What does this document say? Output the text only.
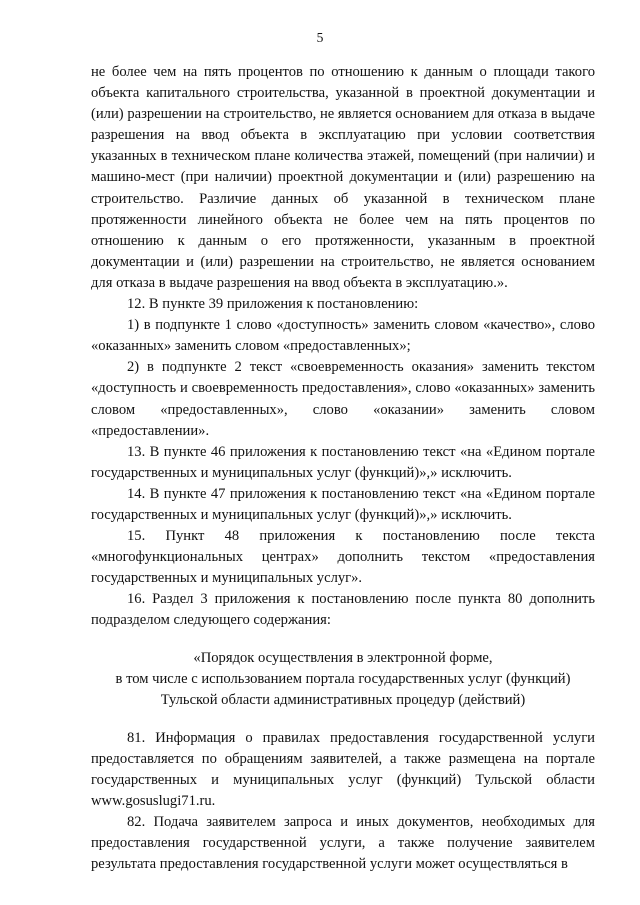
5

не более чем на пять процентов по отношению к данным о площади такого объекта капитального строительства, указанной в проектной документации и (или) разрешении на строительство, не является основанием для отказа в выдаче разрешения на ввод объекта в эксплуатацию при условии соответствия указанных в техническом плане количества этажей, помещений (при наличии) и машино-мест (при наличии) проектной документации и (или) разрешению на строительство. Различие данных об указанной в техническом плане протяженности линейного объекта не более чем на пять процентов по отношению к данным о его протяженности, указанным в проектной документации и (или) разрешении на строительство, не является основанием для отказа в выдаче разрешения на ввод объекта в эксплуатацию.».

12. В пункте 39 приложения к постановлению:

1) в подпункте 1 слово «доступность» заменить словом «качество», слово «оказанных» заменить словом «предоставленных»;

2) в подпункте 2 текст «своевременность оказания» заменить текстом «доступность и своевременность предоставления», слово «оказанных» заменить словом «предоставленных», слово «оказании» заменить словом «предоставлении».

13. В пункте 46 приложения к постановлению текст «на «Едином портале государственных и муниципальных услуг (функций)»,» исключить.

14. В пункте 47 приложения к постановлению текст «на «Едином портале государственных и муниципальных услуг (функций)»,» исключить.

15. Пункт 48 приложения к постановлению после текста «многофункциональных центрах» дополнить текстом «предоставления государственных и муниципальных услуг».

16. Раздел 3 приложения к постановлению после пункта 80 дополнить подразделом следующего содержания:

«Порядок осуществления в электронной форме,
в том числе с использованием портала государственных услуг (функций)
Тульской области административных процедур (действий)

81. Информация о правилах предоставления государственной услуги предоставляется по обращениям заявителей, а также размещена на портале государственных и муниципальных услуг (функций) Тульской области www.gosuslugi71.ru.

82. Подача заявителем запроса и иных документов, необходимых для предоставления государственной услуги, а также получение заявителем результата предоставления государственной услуги может осуществляться в
